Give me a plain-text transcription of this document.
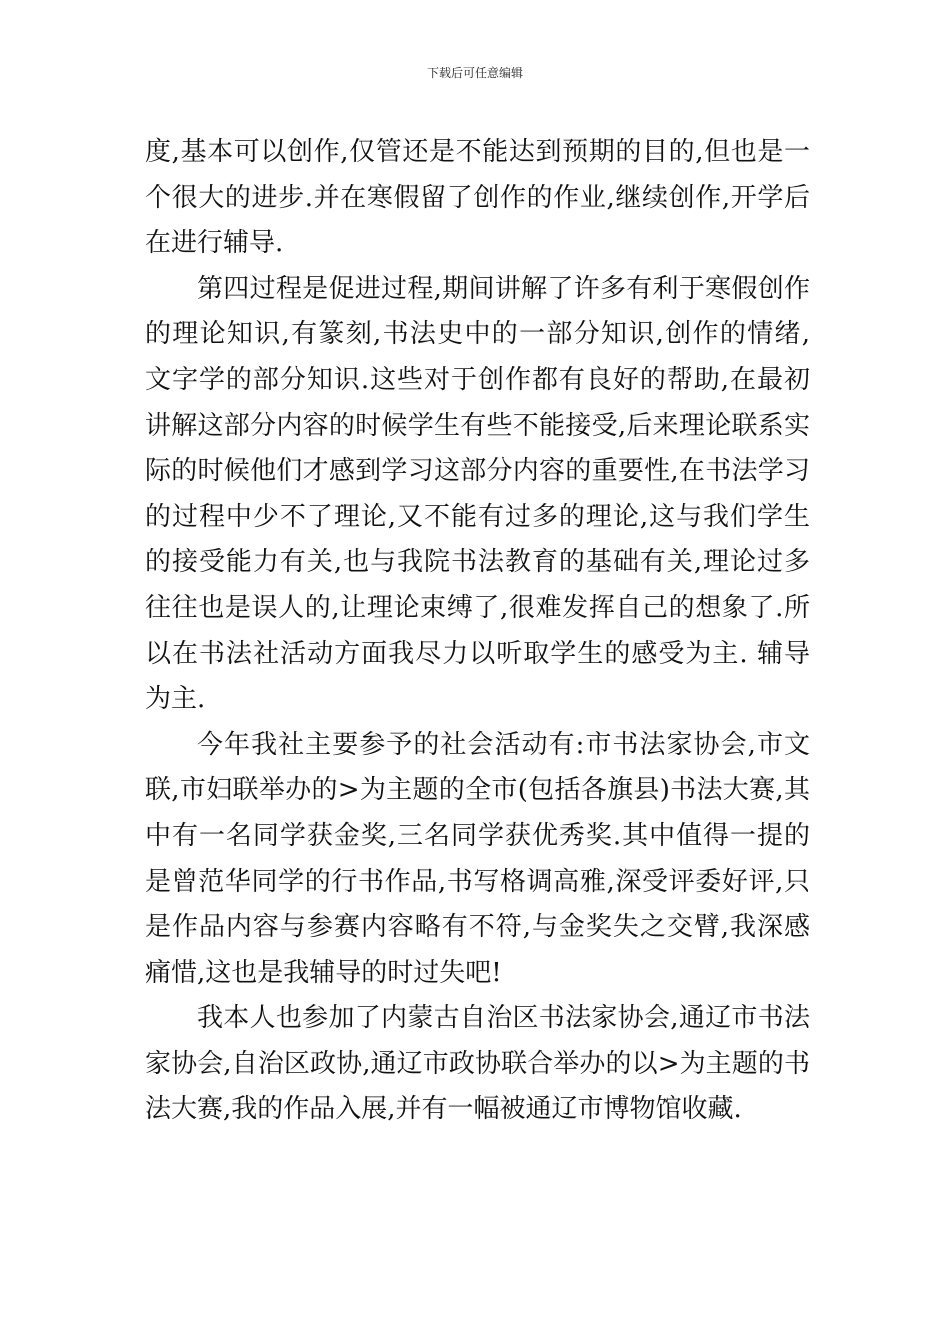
下载后可任意编辑
度,基本可以创作,仅管还是不能达到预期的目的,但也是一
个很大的进步.并在寒假留了创作的作业,继续创作,开学后
在进行辅导.
第四过程是促进过程,期间讲解了许多有利于寒假创作
的理论知识,有篆刻,书法史中的一部分知识,创作的情绪,
文字学的部分知识.这些对于创作都有良好的帮助,在最初
讲解这部分内容的时候学生有些不能接受,后来理论联系实
际的时候他们才感到学习这部分内容的重要性,在书法学习
的过程中少不了理论,又不能有过多的理论,这与我们学生
的接受能力有关,也与我院书法教育的基础有关,理论过多
往往也是误人的,让理论束缚了,很难发挥自己的想象了.所
以在书法社活动方面我尽力以听取学生的感受为主. 辅导
为主.
今年我社主要参予的社会活动有:市书法家协会,市文
联,市妇联举办的>为主题的全市(包括各旗县)书法大赛,其
中有一名同学获金奖,三名同学获优秀奖.其中值得一提的
是曾范华同学的行书作品,书写格调高雅,深受评委好评,只
是作品内容与参赛内容略有不符,与金奖失之交臂,我深感
痛惜,这也是我辅导的时过失吧!
我本人也参加了内蒙古自治区书法家协会,通辽市书法
家协会,自治区政协,通辽市政协联合举办的以>为主题的书
法大赛,我的作品入展,并有一幅被通辽市博物馆收藏.
